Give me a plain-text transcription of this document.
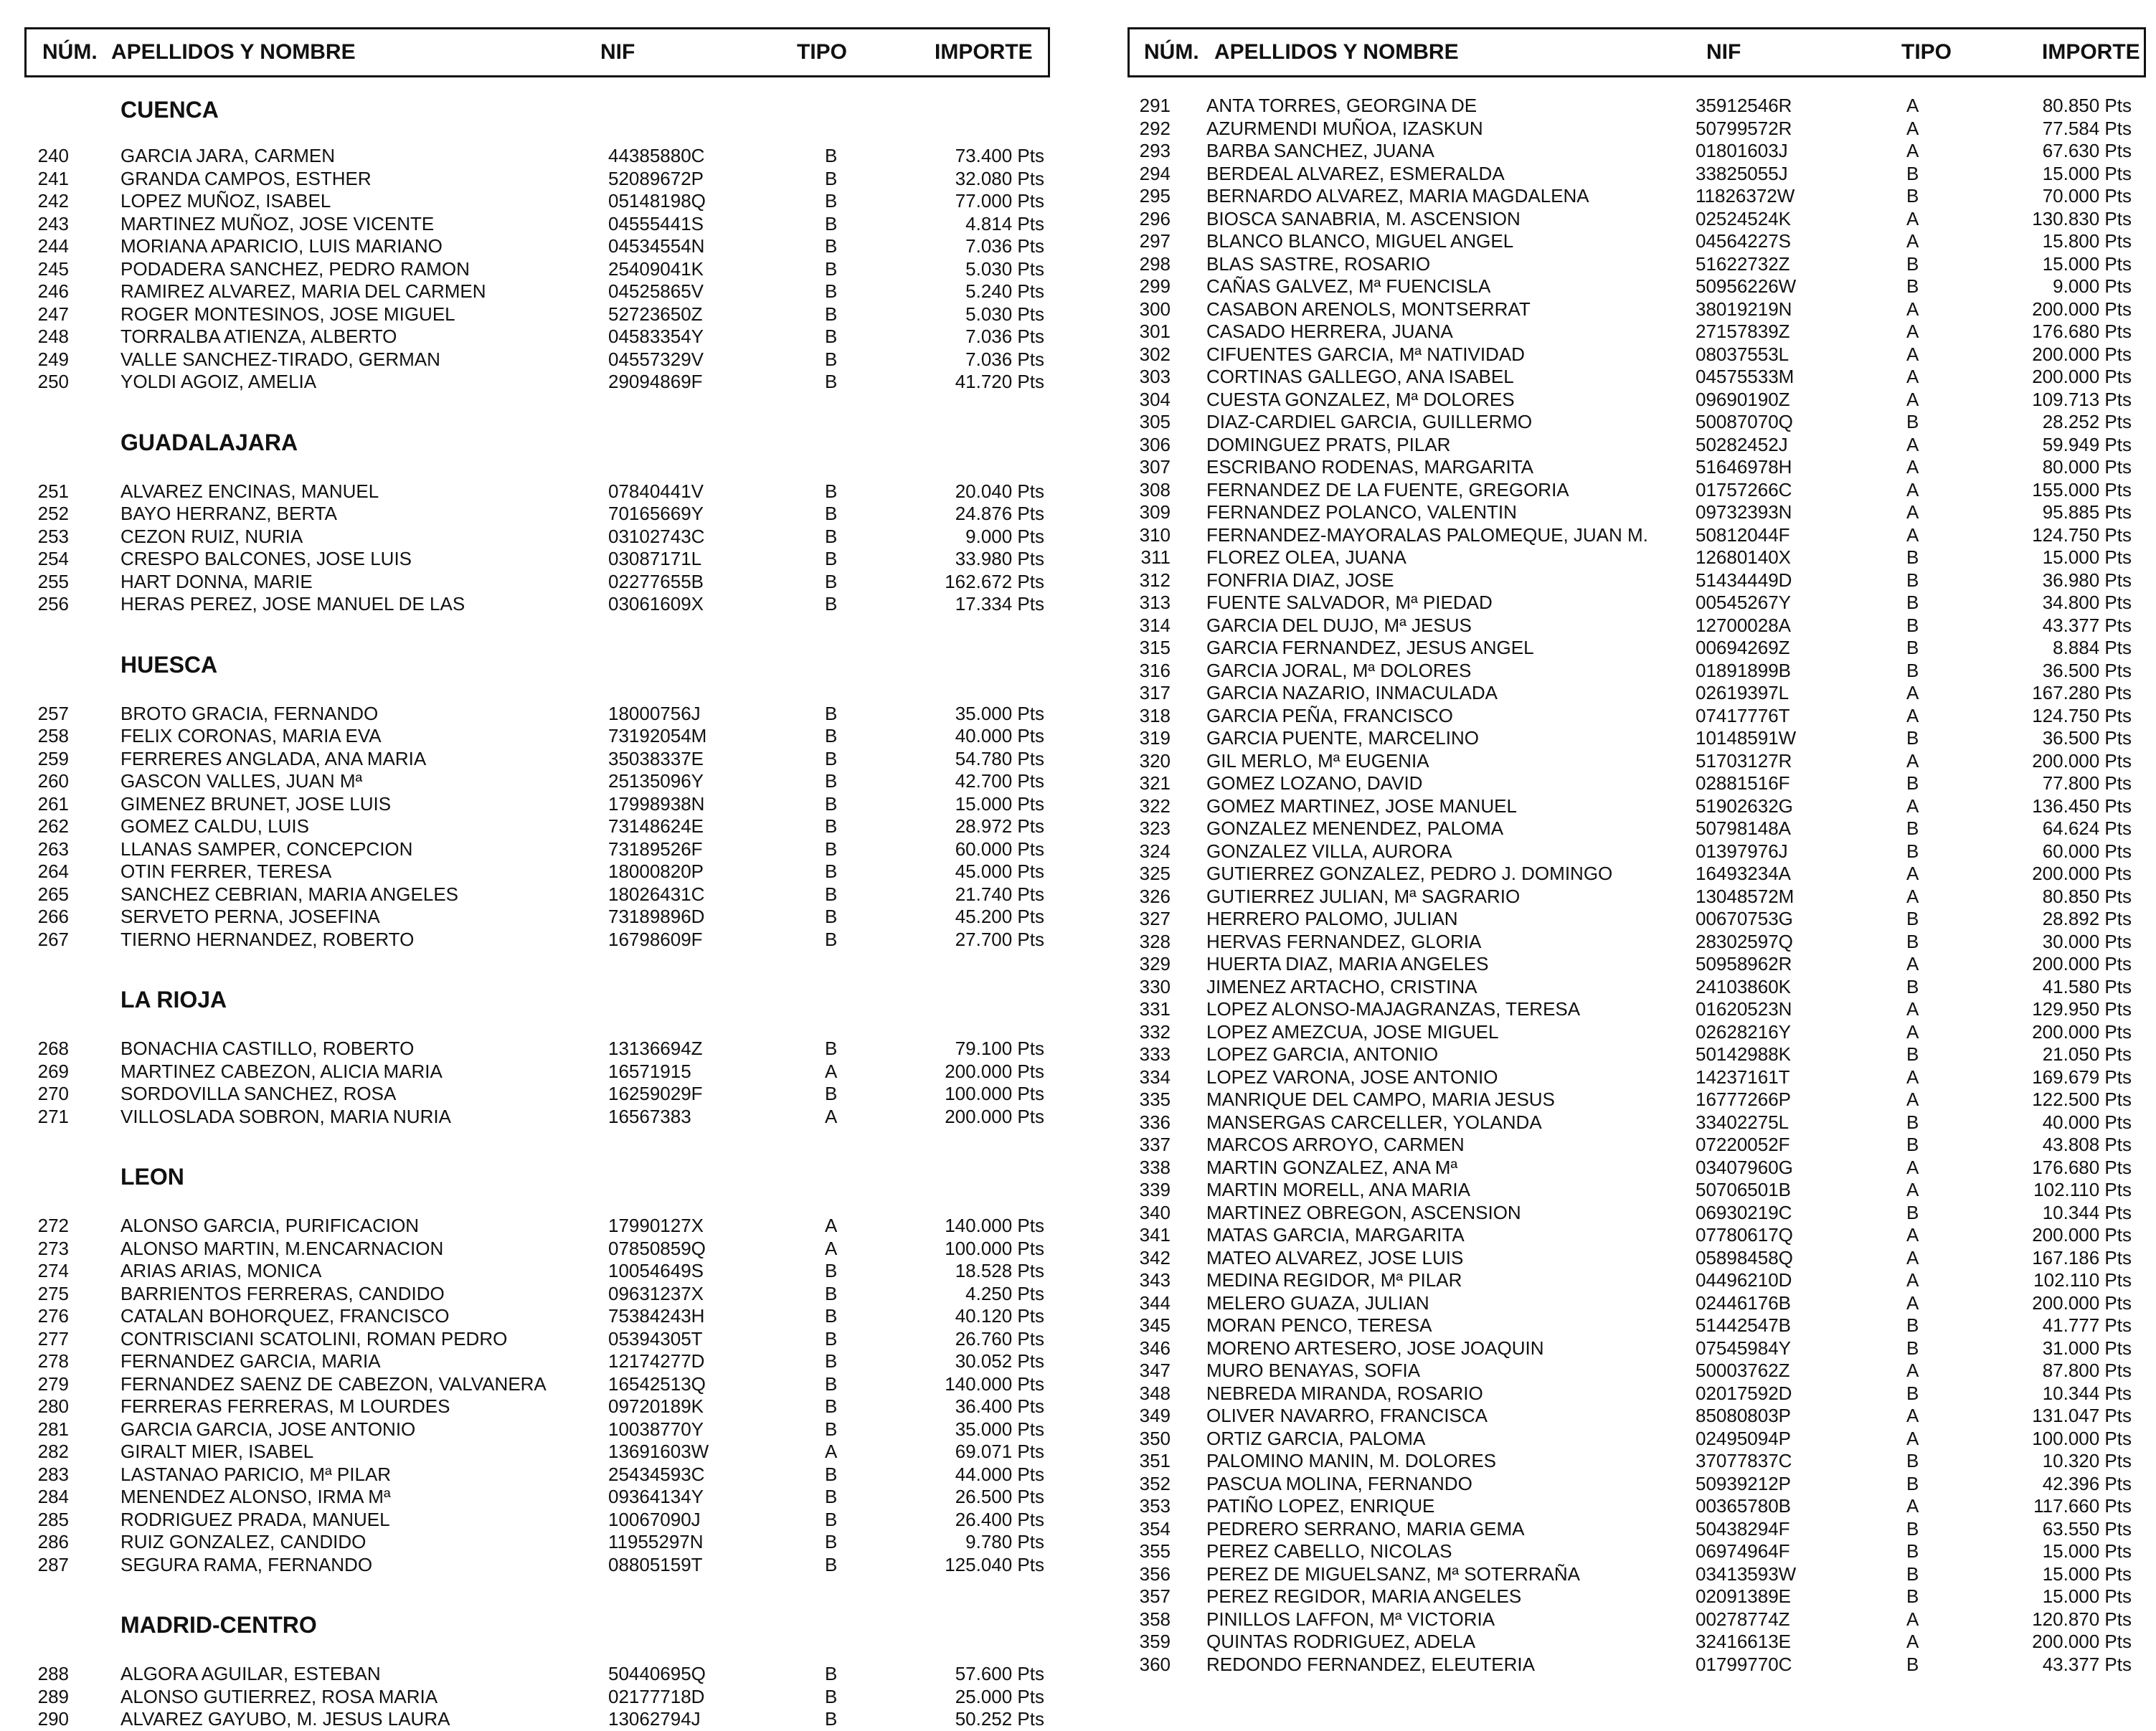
NÚM. APELLIDOS Y NOMBRE	NIF	TIPO	IMPORTE
CUENCA
240	GARCIA JARA, CARMEN	44385880C	B	73.400 Pts
241	GRANDA CAMPOS, ESTHER	52089672P	B	32.080 Pts
242	LOPEZ MUÑOZ, ISABEL	05148198Q	B	77.000 Pts
243	MARTINEZ MUÑOZ, JOSE VICENTE	04555441S	B	4.814 Pts
244	MORIANA APARICIO, LUIS MARIANO	04534554N	B	7.036 Pts
245	PODADERA SANCHEZ, PEDRO RAMON	25409041K	B	5.030 Pts
246	RAMIREZ ALVAREZ, MARIA DEL CARMEN	04525865V	B	5.240 Pts
247	ROGER MONTESINOS, JOSE MIGUEL	52723650Z	B	5.030 Pts
248	TORRALBA ATIENZA, ALBERTO	04583354Y	B	7.036 Pts
249	VALLE SANCHEZ-TIRADO, GERMAN	04557329V	B	7.036 Pts
250	YOLDI AGOIZ, AMELIA	29094869F	B	41.720 Pts
GUADALAJARA
251	ALVAREZ ENCINAS, MANUEL	07840441V	B	20.040 Pts
252	BAYO HERRANZ, BERTA	70165669Y	B	24.876 Pts
253	CEZON RUIZ, NURIA	03102743C	B	9.000 Pts
254	CRESPO BALCONES, JOSE LUIS	03087171L	B	33.980 Pts
255	HART DONNA, MARIE	02277655B	B	162.672 Pts
256	HERAS PEREZ, JOSE MANUEL DE LAS	03061609X	B	17.334 Pts
HUESCA
257	BROTO GRACIA, FERNANDO	18000756J	B	35.000 Pts
258	FELIX CORONAS, MARIA EVA	73192054M	B	40.000 Pts
259	FERRERES ANGLADA, ANA MARIA	35038337E	B	54.780 Pts
260	GASCON VALLES, JUAN Mª	25135096Y	B	42.700 Pts
261	GIMENEZ BRUNET, JOSE LUIS	17998938N	B	15.000 Pts
262	GOMEZ CALDU, LUIS	73148624E	B	28.972 Pts
263	LLANAS SAMPER, CONCEPCION	73189526F	B	60.000 Pts
264	OTIN FERRER, TERESA	18000820P	B	45.000 Pts
265	SANCHEZ CEBRIAN, MARIA ANGELES	18026431C	B	21.740 Pts
266	SERVETO PERNA, JOSEFINA	73189896D	B	45.200 Pts
267	TIERNO HERNANDEZ, ROBERTO	16798609F	B	27.700 Pts
LA RIOJA
268	BONACHIA CASTILLO, ROBERTO	13136694Z	B	79.100 Pts
269	MARTINEZ CABEZON, ALICIA MARIA	16571915	A	200.000 Pts
270	SORDOVILLA SANCHEZ, ROSA	16259029F	B	100.000 Pts
271	VILLOSLADA SOBRON, MARIA NURIA	16567383	A	200.000 Pts
LEON
272	ALONSO GARCIA, PURIFICACION	17990127X	A	140.000 Pts
273	ALONSO MARTIN, M.ENCARNACION	07850859Q	A	100.000 Pts
274	ARIAS ARIAS, MONICA	10054649S	B	18.528 Pts
275	BARRIENTOS FERRERAS, CANDIDO	09631237X	B	4.250 Pts
276	CATALAN BOHORQUEZ, FRANCISCO	75384243H	B	40.120 Pts
277	CONTRISCIANI SCATOLINI, ROMAN PEDRO	05394305T	B	26.760 Pts
278	FERNANDEZ GARCIA, MARIA	12174277D	B	30.052 Pts
279	FERNANDEZ SAENZ DE CABEZON, VALVANERA	16542513Q	B	140.000 Pts
280	FERRERAS FERRERAS, M LOURDES	09720189K	B	36.400 Pts
281	GARCIA GARCIA, JOSE ANTONIO	10038770Y	B	35.000 Pts
282	GIRALT MIER, ISABEL	13691603W	A	69.071 Pts
283	LASTANAO PARICIO, Mª PILAR	25434593C	B	44.000 Pts
284	MENENDEZ ALONSO, IRMA Mª	09364134Y	B	26.500 Pts
285	RODRIGUEZ PRADA, MANUEL	10067090J	B	26.400 Pts
286	RUIZ GONZALEZ, CANDIDO	11955297N	B	9.780 Pts
287	SEGURA RAMA, FERNANDO	08805159T	B	125.040 Pts
MADRID-CENTRO
288	ALGORA AGUILAR, ESTEBAN	50440695Q	B	57.600 Pts
289	ALONSO GUTIERREZ, ROSA MARIA	02177718D	B	25.000 Pts
290	ALVAREZ GAYUBO, M. JESUS LAURA	13062794J	B	50.252 Pts
NÚM. APELLIDOS Y NOMBRE	NIF	TIPO	IMPORTE
291 ANTA TORRES, GEORGINA DE	35912546R	A	80.850 Pts
292 AZURMENDI MUÑOA, IZASKUN	50799572R	A	77.584 Pts
293 BARBA SANCHEZ, JUANA	01801603J	A	67.630 Pts
294 BERDEAL ALVAREZ, ESMERALDA	33825055J	B	15.000 Pts
295 BERNARDO ALVAREZ, MARIA MAGDALENA	11826372W	B	70.000 Pts
296 BIOSCA SANABRIA, M. ASCENSION	02524524K	A	130.830 Pts
297 BLANCO BLANCO, MIGUEL ANGEL	04564227S	A	15.800 Pts
298 BLAS SASTRE, ROSARIO	51622732Z	B	15.000 Pts
299 CAÑAS GALVEZ, Mª FUENCISLA	50956226W	B	9.000 Pts
300 CASABON ARENOLS, MONTSERRAT	38019219N	A	200.000 Pts
301 CASADO HERRERA, JUANA	27157839Z	A	176.680 Pts
302 CIFUENTES GARCIA, Mª NATIVIDAD	08037553L	A	200.000 Pts
303 CORTINAS GALLEGO, ANA ISABEL	04575533M	A	200.000 Pts
304 CUESTA GONZALEZ, Mª DOLORES	09690190Z	A	109.713 Pts
305 DIAZ-CARDIEL GARCIA, GUILLERMO	50087070Q	B	28.252 Pts
306 DOMINGUEZ PRATS, PILAR	50282452J	A	59.949 Pts
307 ESCRIBANO RODENAS, MARGARITA	51646978H	A	80.000 Pts
308 FERNANDEZ DE LA FUENTE, GREGORIA	01757266C	A	155.000 Pts
309 FERNANDEZ POLANCO, VALENTIN	09732393N	A	95.885 Pts
310 FERNANDEZ-MAYORALAS PALOMEQUE, JUAN M.	50812044F	A	124.750 Pts
311 FLOREZ OLEA, JUANA	12680140X	B	15.000 Pts
312 FONFRIA DIAZ, JOSE	51434449D	B	36.980 Pts
313 FUENTE SALVADOR, Mª PIEDAD	00545267Y	B	34.800 Pts
314 GARCIA DEL DUJO, Mª JESUS	12700028A	B	43.377 Pts
315 GARCIA FERNANDEZ, JESUS ANGEL	00694269Z	B	8.884 Pts
316 GARCIA JORAL, Mª DOLORES	01891899B	B	36.500 Pts
317 GARCIA NAZARIO, INMACULADA	02619397L	A	167.280 Pts
318 GARCIA PEÑA, FRANCISCO	07417776T	A	124.750 Pts
319 GARCIA PUENTE, MARCELINO	10148591W	B	36.500 Pts
320 GIL MERLO, Mª EUGENIA	51703127R	A	200.000 Pts
321 GOMEZ LOZANO, DAVID	02881516F	B	77.800 Pts
322 GOMEZ MARTINEZ, JOSE MANUEL	51902632G	A	136.450 Pts
323 GONZALEZ MENENDEZ, PALOMA	50798148A	B	64.624 Pts
324 GONZALEZ VILLA, AURORA	01397976J	B	60.000 Pts
325 GUTIERREZ GONZALEZ, PEDRO J. DOMINGO	16493234A	A	200.000 Pts
326 GUTIERREZ JULIAN, Mª SAGRARIO	13048572M	A	80.850 Pts
327 HERRERO PALOMO, JULIAN	00670753G	B	28.892 Pts
328 HERVAS FERNANDEZ, GLORIA	28302597Q	B	30.000 Pts
329 HUERTA DIAZ, MARIA ANGELES	50958962R	A	200.000 Pts
330 JIMENEZ ARTACHO, CRISTINA	24103860K	B	41.580 Pts
331 LOPEZ ALONSO-MAJAGRANZAS, TERESA	01620523N	A	129.950 Pts
332 LOPEZ AMEZCUA, JOSE MIGUEL	02628216Y	A	200.000 Pts
333 LOPEZ GARCIA, ANTONIO	50142988K	B	21.050 Pts
334 LOPEZ VARONA, JOSE ANTONIO	14237161T	A	169.679 Pts
335 MANRIQUE DEL CAMPO, MARIA JESUS	16777266P	A	122.500 Pts
336 MANSERGAS CARCELLER, YOLANDA	33402275L	B	40.000 Pts
337 MARCOS ARROYO, CARMEN	07220052F	B	43.808 Pts
338 MARTIN GONZALEZ, ANA Mª	03407960G	A	176.680 Pts
339 MARTIN MORELL, ANA MARIA	50706501B	A	102.110 Pts
340 MARTINEZ OBREGON, ASCENSION	06930219C	B	10.344 Pts
341 MATAS GARCIA, MARGARITA	07780617Q	A	200.000 Pts
342 MATEO ALVAREZ, JOSE LUIS	05898458Q	A	167.186 Pts
343 MEDINA REGIDOR, Mª PILAR	04496210D	A	102.110 Pts
344 MELERO GUAZA, JULIAN	02446176B	A	200.000 Pts
345 MORAN PENCO, TERESA	51442547B	B	41.777 Pts
346 MORENO ARTESERO, JOSE JOAQUIN	07545984Y	B	31.000 Pts
347 MURO BENAYAS, SOFIA	50003762Z	A	87.800 Pts
348 NEBREDA MIRANDA, ROSARIO	02017592D	B	10.344 Pts
349 OLIVER NAVARRO, FRANCISCA	85080803P	A	131.047 Pts
350 ORTIZ GARCIA, PALOMA	02495094P	A	100.000 Pts
351 PALOMINO MANIN, M. DOLORES	37077837C	B	10.320 Pts
352 PASCUA MOLINA, FERNANDO	50939212P	B	42.396 Pts
353 PATIÑO LOPEZ, ENRIQUE	00365780B	A	117.660 Pts
354 PEDRERO SERRANO, MARIA GEMA	50438294F	B	63.550 Pts
355 PEREZ CABELLO, NICOLAS	06974964F	B	15.000 Pts
356 PEREZ DE MIGUELSANZ, Mª SOTERRAÑA	03413593W	B	15.000 Pts
357 PEREZ REGIDOR, MARIA ANGELES	02091389E	B	15.000 Pts
358 PINILLOS LAFFON, Mª VICTORIA	00278774Z	A	120.870 Pts
359 QUINTAS RODRIGUEZ, ADELA	32416613E	A	200.000 Pts
360 REDONDO FERNANDEZ, ELEUTERIA	01799770C	B	43.377 Pts
